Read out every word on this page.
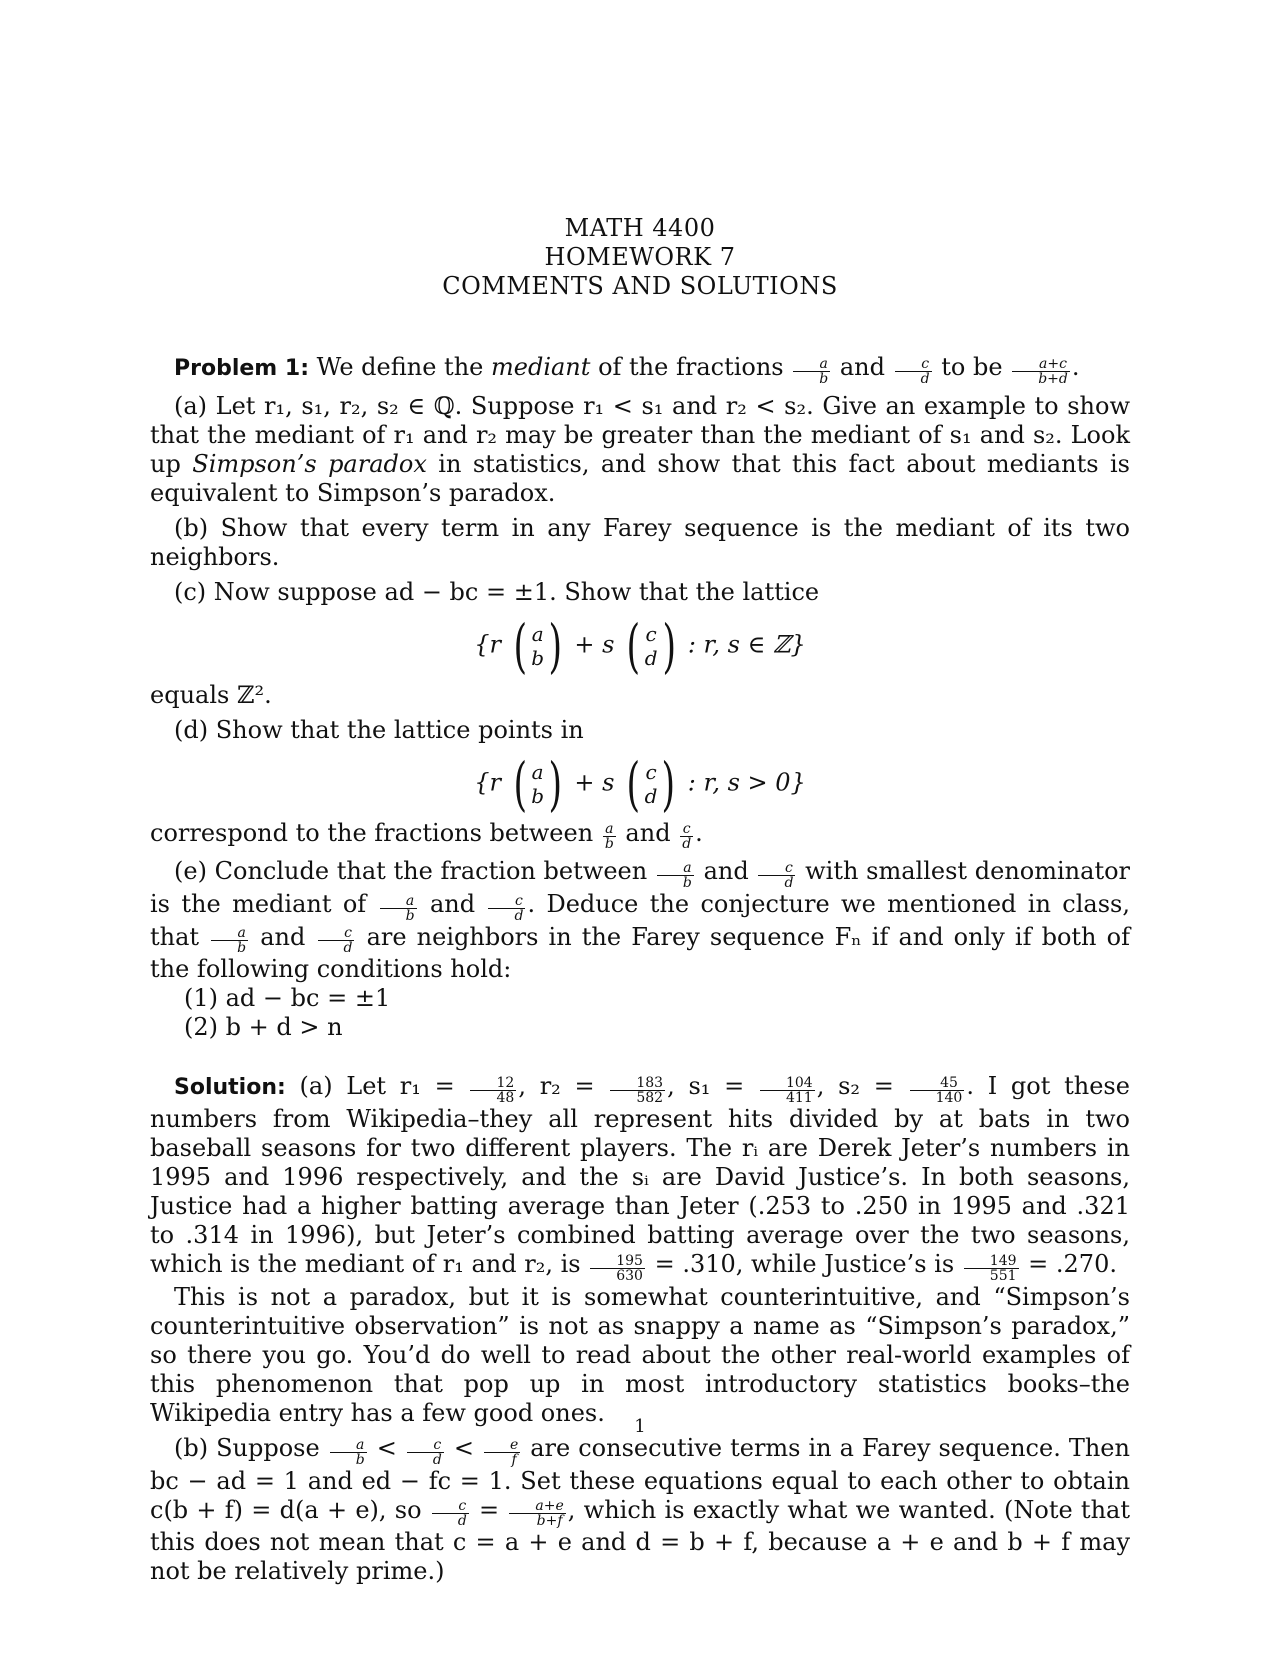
MATH 4400
HOMEWORK 7
COMMENTS AND SOLUTIONS

Problem 1: We define the mediant of the fractions $\frac{a}{b}$ and $\frac{c}{d}$ to be $\frac{a+c}{b+d}$ .

(a) Let r₁, s₁, r₂, s₂ ∈ ℚ. Suppose r₁ < s₁ and r₂ < s₂. Give an example to show that the mediant of r₁ and r₂ may be greater than the mediant of s₁ and s₂. Look up Simpson’s paradox in statistics, and show that this fact about mediants is equivalent to Simpson’s paradox.

(b) Show that every term in any Farey sequence is the mediant of its two neighbors.

(c) Now suppose ad − bc = ±1. Show that the lattice

{r ( a
b ) + s ( c
d ) : r, s ∈ ℤ}

equals ℤ².

(d) Show that the lattice points in

{r ( a
b ) + s ( c
d ) : r, s > 0}

correspond to the fractions between $\frac{a}{b}$ and $\frac{c}{d}$ .

(e) Conclude that the fraction between $\frac{a}{b}$ and $\frac{c}{d}$ with smallest denominator is the mediant of $\frac{a}{b}$ and $\frac{c}{d}$ . Deduce the conjecture we mentioned in class, that $\frac{a}{b}$ and $\frac{c}{d}$ are neighbors in the Farey sequence Fₙ if and only if both of the following conditions hold:

(1) ad − bc = ±1
(2) b + d > n

Solution: (a) Let $r_1 = \frac{12}{48}$ , $r_2 = \frac{183}{582}$ , $s_1 = \frac{104}{411}$ , $s_2 = \frac{45}{140}$ . I got these numbers from Wikipedia–they all represent hits divided by at bats in two baseball seasons for two different players. The rᵢ are Derek Jeter’s numbers in 1995 and 1996 respectively, and the sᵢ are David Justice’s. In both seasons, Justice had a higher batting average than Jeter (.253 to .250 in 1995 and .321 to .314 in 1996), but Jeter’s combined batting average over the two seasons, which is the mediant of r₁ and r₂, is $\frac{195}{630} = .310$, while Justice’s is $\frac{149}{551} = .270$.

This is not a paradox, but it is somewhat counterintuitive, and “Simpson’s counterintuitive observation” is not as snappy a name as “Simpson’s paradox,” so there you go. You’d do well to read about the other real-world examples of this phenomenon that pop up in most introductory statistics books–the Wikipedia entry has a few good ones.

(b) Suppose $\frac{a}{b} < \frac{c}{d} < \frac{e}{f}$ are consecutive terms in a Farey sequence. Then bc − ad = 1 and ed − fc = 1. Set these equations equal to each other to obtain c(b + f) = d(a + e), so $\frac{c}{d} = \frac{a+e}{b+f}$ , which is exactly what we wanted. (Note that this does not mean that c = a + e and d = b + f, because a + e and b + f may not be relatively prime.)

1
